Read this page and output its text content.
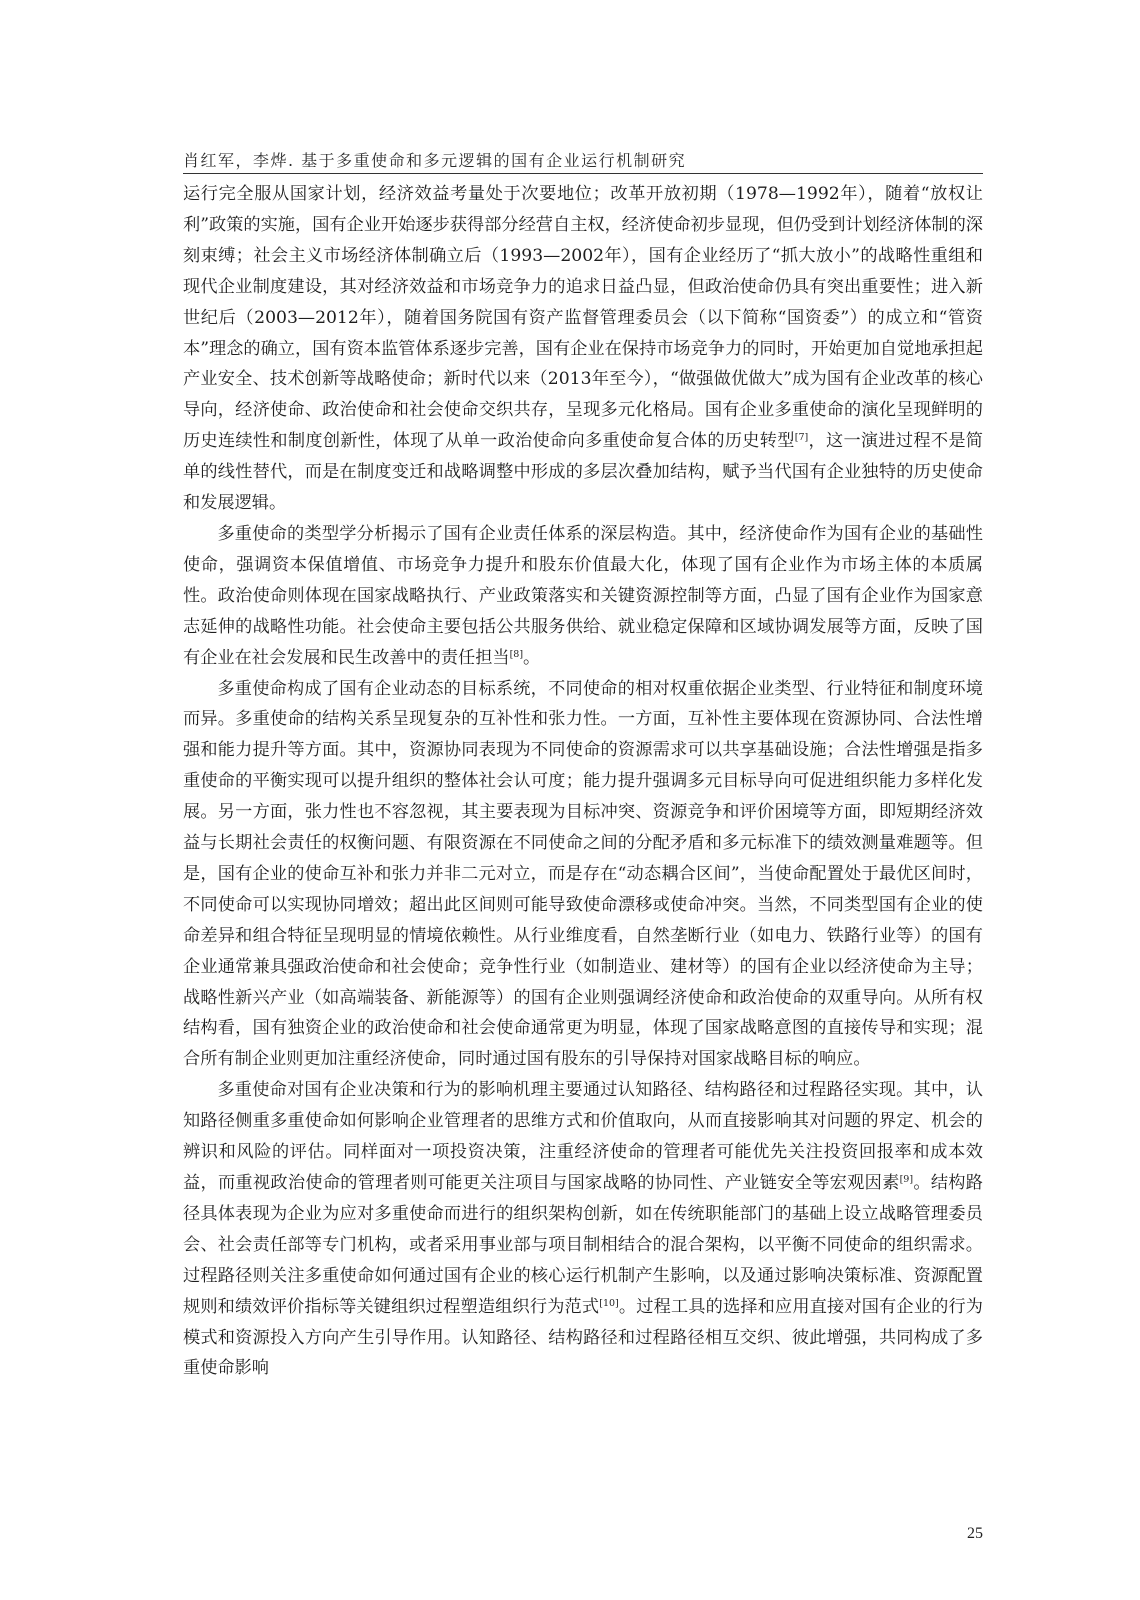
肖红军，李烨. 基于多重使命和多元逻辑的国有企业运行机制研究

运行完全服从国家计划，经济效益考量处于次要地位；改革开放初期（1978—1992年），随着“放权让利”政策的实施，国有企业开始逐步获得部分经营自主权，经济使命初步显现，但仍受到计划经济体制的深刻束缚；社会主义市场经济体制确立后（1993—2002年），国有企业经历了“抓大放小”的战略性重组和现代企业制度建设，其对经济效益和市场竞争力的追求日益凸显，但政治使命仍具有突出重要性；进入新世纪后（2003—2012年），随着国务院国有资产监督管理委员会（以下简称“国资委”）的成立和“管资本”理念的确立，国有资本监管体系逐步完善，国有企业在保持市场竞争力的同时，开始更加自觉地承担起产业安全、技术创新等战略使命；新时代以来（2013年至今），“做强做优做大”成为国有企业改革的核心导向，经济使命、政治使命和社会使命交织共存，呈现多元化格局。国有企业多重使命的演化呈现鲜明的历史连续性和制度创新性，体现了从单一政治使命向多重使命复合体的历史转型[7]，这一演进过程不是简单的线性替代，而是在制度变迁和战略调整中形成的多层次叠加结构，赋予当代国有企业独特的历史使命和发展逻辑。

多重使命的类型学分析揭示了国有企业责任体系的深层构造。其中，经济使命作为国有企业的基础性使命，强调资本保值增值、市场竞争力提升和股东价值最大化，体现了国有企业作为市场主体的本质属性。政治使命则体现在国家战略执行、产业政策落实和关键资源控制等方面，凸显了国有企业作为国家意志延伸的战略性功能。社会使命主要包括公共服务供给、就业稳定保障和区域协调发展等方面，反映了国有企业在社会发展和民生改善中的责任担当[8]。

多重使命构成了国有企业动态的目标系统，不同使命的相对权重依据企业类型、行业特征和制度环境而异。多重使命的结构关系呈现复杂的互补性和张力性。一方面，互补性主要体现在资源协同、合法性增强和能力提升等方面。其中，资源协同表现为不同使命的资源需求可以共享基础设施；合法性增强是指多重使命的平衡实现可以提升组织的整体社会认可度；能力提升强调多元目标导向可促进组织能力多样化发展。另一方面，张力性也不容忽视，其主要表现为目标冲突、资源竞争和评价困境等方面，即短期经济效益与长期社会责任的权衡问题、有限资源在不同使命之间的分配矛盾和多元标准下的绩效测量难题等。但是，国有企业的使命互补和张力并非二元对立，而是存在“动态耦合区间”，当使命配置处于最优区间时，不同使命可以实现协同增效；超出此区间则可能导致使命漂移或使命冲突。当然，不同类型国有企业的使命差异和组合特征呈现明显的情境依赖性。从行业维度看，自然垄断行业（如电力、铁路行业等）的国有企业通常兼具强政治使命和社会使命；竞争性行业（如制造业、建材等）的国有企业以经济使命为主导；战略性新兴产业（如高端装备、新能源等）的国有企业则强调经济使命和政治使命的双重导向。从所有权结构看，国有独资企业的政治使命和社会使命通常更为明显，体现了国家战略意图的直接传导和实现；混合所有制企业则更加注重经济使命，同时通过国有股东的引导保持对国家战略目标的响应。

多重使命对国有企业决策和行为的影响机理主要通过认知路径、结构路径和过程路径实现。其中，认知路径侧重多重使命如何影响企业管理者的思维方式和价值取向，从而直接影响其对问题的界定、机会的辨识和风险的评估。同样面对一项投资决策，注重经济使命的管理者可能优先关注投资回报率和成本效益，而重视政治使命的管理者则可能更关注项目与国家战略的协同性、产业链安全等宏观因素[9]。结构路径具体表现为企业为应对多重使命而进行的组织架构创新，如在传统职能部门的基础上设立战略管理委员会、社会责任部等专门机构，或者采用事业部与项目制相结合的混合架构，以平衡不同使命的组织需求。过程路径则关注多重使命如何通过国有企业的核心运行机制产生影响，以及通过影响决策标准、资源配置规则和绩效评价指标等关键组织过程塑造组织行为范式[10]。过程工具的选择和应用直接对国有企业的行为模式和资源投入方向产生引导作用。认知路径、结构路径和过程路径相互交织、彼此增强，共同构成了多重使命影响

25
